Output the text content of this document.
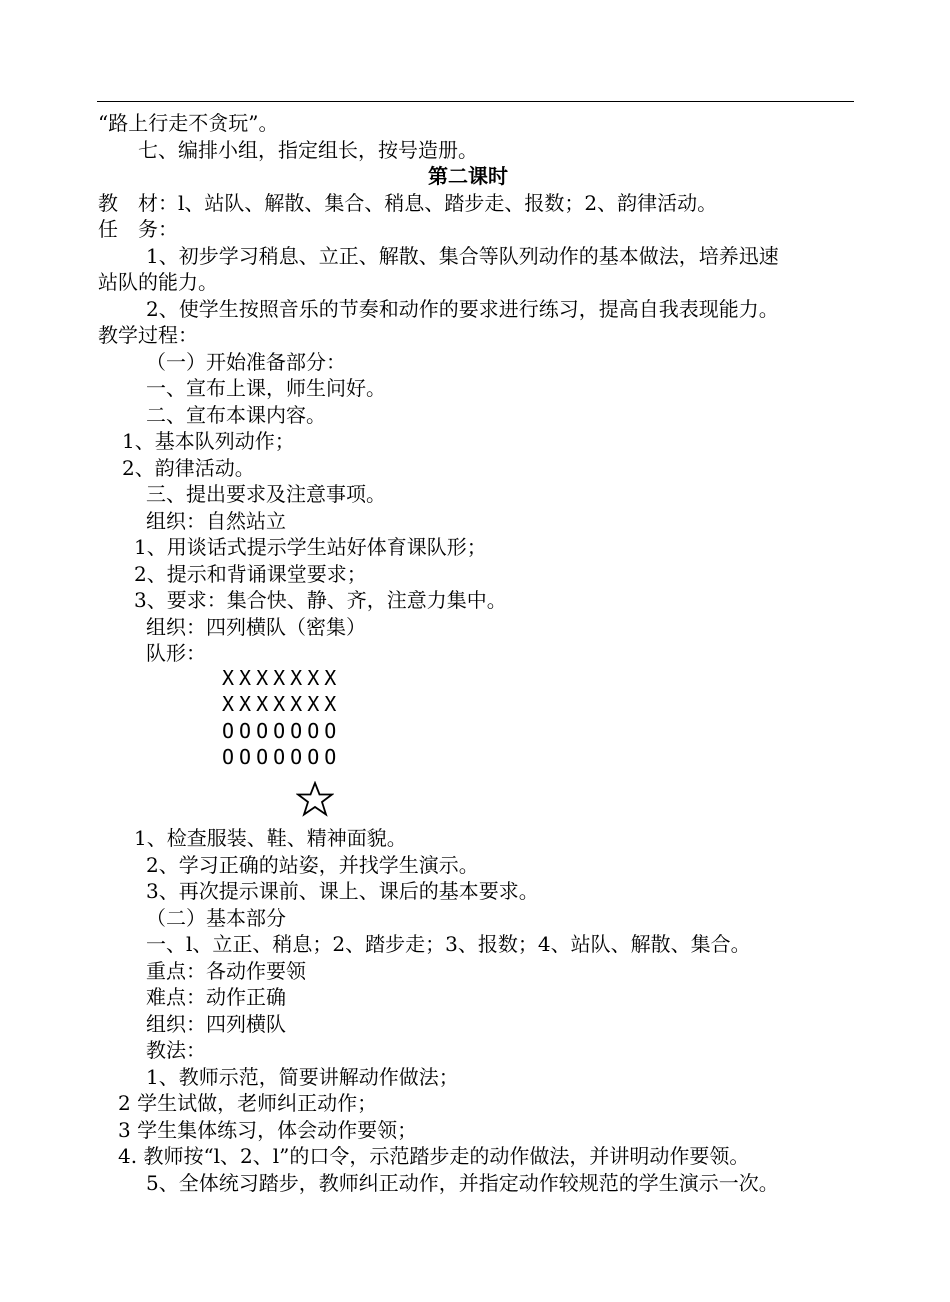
“路上行走不贪玩”。
七、编排小组，指定组长，按号造册。
第二课时
教　材：l、站队、解散、集合、稍息、踏步走、报数；2、韵律活动。
任　务：
1、初步学习稍息、立正、解散、集合等队列动作的基本做法，培养迅速
站队的能力。
2、使学生按照音乐的节奏和动作的要求进行练习，提高自我表现能力。
教学过程：
（一）开始准备部分：
一、宣布上课，师生问好。
二、宣布本课内容。
1、基本队列动作；
2、韵律活动。
三、提出要求及注意事项。
组织：自然站立
1、用谈话式提示学生站好体育课队形；
2、提示和背诵课堂要求；
3、要求：集合快、静、齐，注意力集中。
组织：四列横队（密集）
队形：
XXXXXXX
XXXXXXX
OOOOOOO
OOOOOOO
1、检查服装、鞋、精神面貌。
2、学习正确的站姿，并找学生演示。
3、再次提示课前、课上、课后的基本要求。
（二）基本部分
一、l、立正、稍息；2、踏步走；3、报数；4、站队、解散、集合。
重点：各动作要领
难点：动作正确
组织：四列横队
教法：
1、教师示范，简要讲解动作做法；
2 学生试做，老师纠正动作；
3 学生集体练习，体会动作要领；
4. 教师按“l、2、l”的口令，示范踏步走的动作做法，并讲明动作要领。
5、全体统习踏步，教师纠正动作，并指定动作较规范的学生演示一次。
